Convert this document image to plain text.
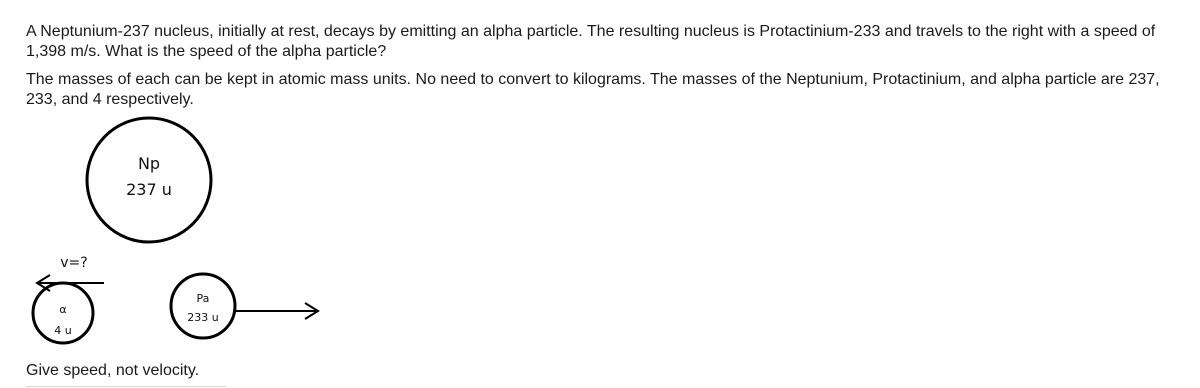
A Neptunium-237 nucleus, initially at rest, decays by emitting an alpha particle. The resulting nucleus is Protactinium-233 and travels to the right with a speed of 1,398 m/s. What is the speed of the alpha particle?

The masses of each can be kept in atomic mass units. No need to convert to kilograms. The masses of the Neptunium, Protactinium, and alpha particle are 237, 233, and 4 respectively.

Np
237 u
v=?
α
4 u
Pa
233 u

Give speed, not velocity.
